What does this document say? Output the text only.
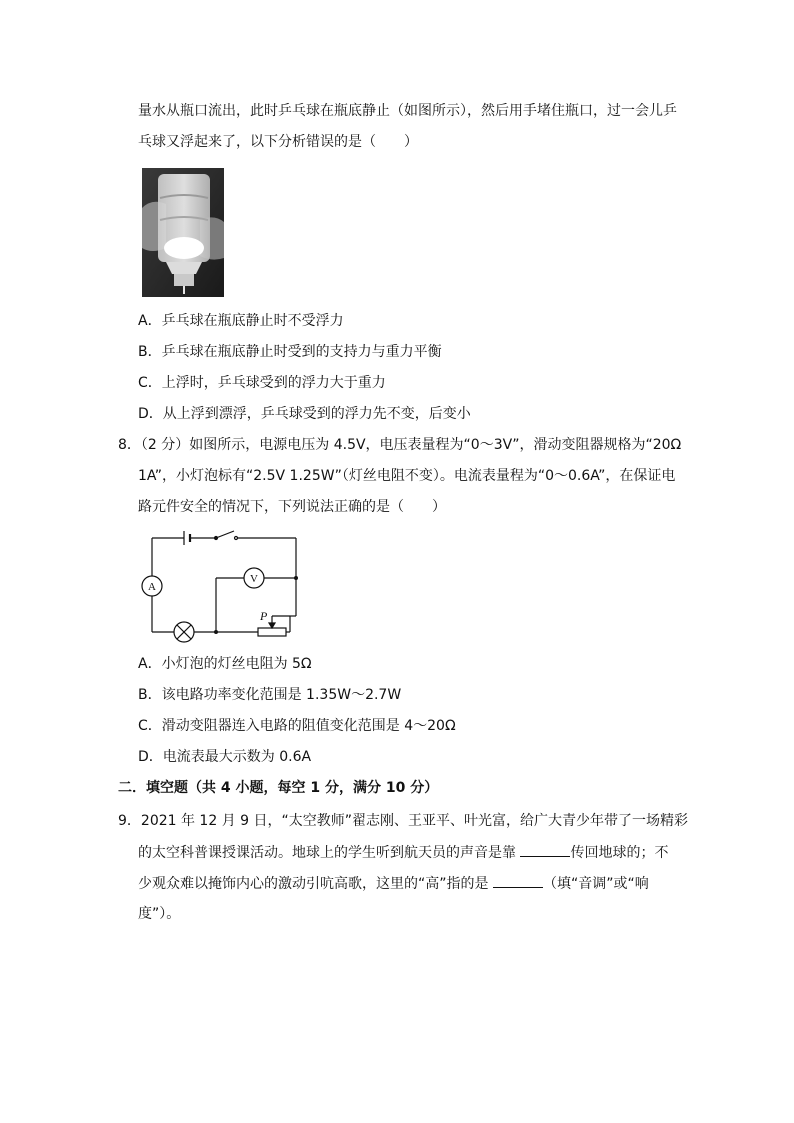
量水从瓶口流出，此时乒乓球在瓶底静止（如图所示），然后用手堵住瓶口，过一会儿乒
乓球又浮起来了，以下分析错误的是（　　）
A．乒乓球在瓶底静止时不受浮力
B．乒乓球在瓶底静止时受到的支持力与重力平衡
C．上浮时，乒乓球受到的浮力大于重力
D．从上浮到漂浮，乒乓球受到的浮力先不变，后变小
8．（2 分）如图所示，电源电压为 4.5V，电压表量程为“0～3V”，滑动变阻器规格为“20Ω
1A”，小灯泡标有“2.5V 1.25W”（灯丝电阻不变）。电流表量程为“0～0.6A”，在保证电
路元件安全的情况下，下列说法正确的是（　　）
A
V
P
A．小灯泡的灯丝电阻为 5Ω
B．该电路功率变化范围是 1.35W～2.7W
C．滑动变阻器连入电路的阻值变化范围是 4～20Ω
D．电流表最大示数为 0.6A
二．填空题（共 4 小题，每空 1 分，满分 10 分）
9．2021 年 12 月 9 日，“太空教师”翟志刚、王亚平、叶光富，给广大青少年带了一场精彩
的太空科普课授课活动。地球上的学生听到航天员的声音是靠	传回地球的；不
少观众难以掩饰内心的激动引吭高歌，这里的“高”指的是	（填“音调”或“响
度”）。
